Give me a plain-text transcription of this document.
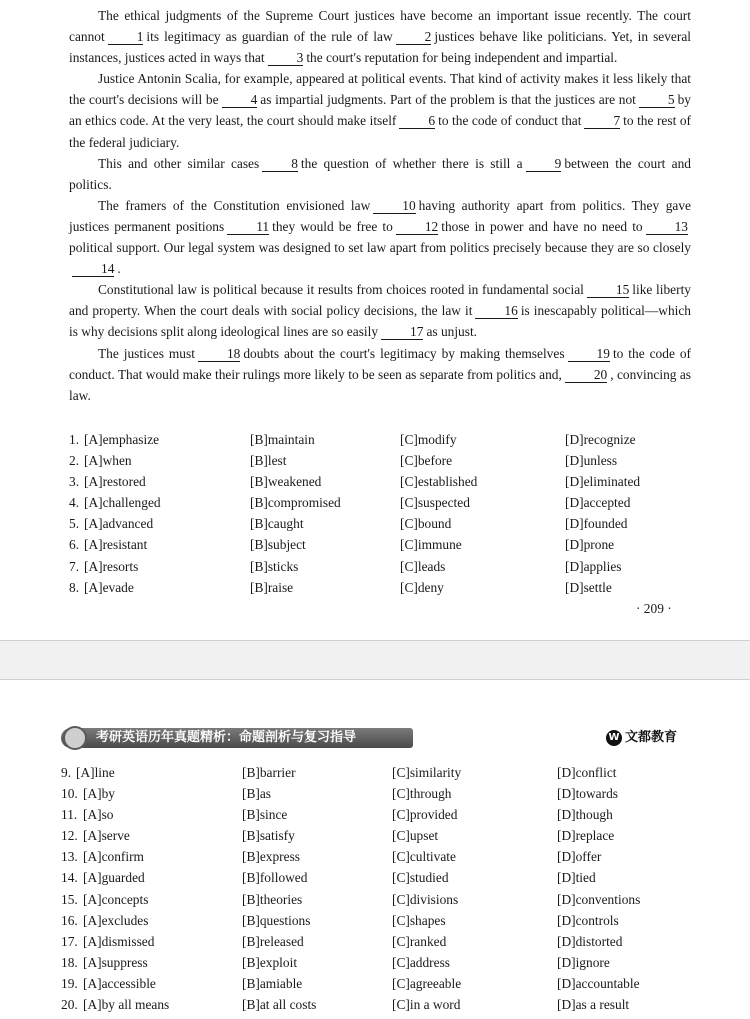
The ethical judgments of the Supreme Court justices have become an important issue recently. The court cannot 1 its legitimacy as guardian of the rule of law 2 justices behave like politicians. Yet, in several instances, justices acted in ways that 3 the court's reputation for being independent and impartial.

Justice Antonin Scalia, for example, appeared at political events. That kind of activity makes it less likely that the court's decisions will be 4 as impartial judgments. Part of the problem is that the justices are not 5 by an ethics code. At the very least, the court should make itself 6 to the code of conduct that 7 to the rest of the federal judiciary.

This and other similar cases 8 the question of whether there is still a 9 between the court and politics.

The framers of the Constitution envisioned law 10 having authority apart from politics. They gave justices permanent positions 11 they would be free to 12 those in power and have no need to 13political support. Our legal system was designed to set law apart from politics precisely because they are so closely14 .

Constitutional law is political because it results from choices rooted in fundamental social 15 like liberty and property. When the court deals with social policy decisions, the law it 16 is inescapably political—which is why decisions split along ideological lines are so easily 17 as unjust.

The justices must 18 doubts about the court's legitimacy by making themselves 19 to the code of conduct. That would make their rulings more likely to be seen as separate from politics and, 20 , convincing as law.

1. [A]emphasize	[B]maintain	[C]modify	[D]recognize
2. [A]when	[B]lest	[C]before	[D]unless
3. [A]restored	[B]weakened	[C]established	[D]eliminated
4. [A]challenged	[B]compromised	[C]suspected	[D]accepted
5. [A]advanced	[B]caught	[C]bound	[D]founded
6. [A]resistant	[B]subject	[C]immune	[D]prone
7. [A]resorts	[B]sticks	[C]leads	[D]applies
8. [A]evade	[B]raise	[C]deny	[D]settle
· 209 ·
考研英语历年真题精析：命题剖析与复习指导	W 文都教育
9. [A]line	[B]barrier	[C]similarity	[D]conflict
10. [A]by	[B]as	[C]through	[D]towards
11. [A]so	[B]since	[C]provided	[D]though
12. [A]serve	[B]satisfy	[C]upset	[D]replace
13. [A]confirm	[B]express	[C]cultivate	[D]offer
14. [A]guarded	[B]followed	[C]studied	[D]tied
15. [A]concepts	[B]theories	[C]divisions	[D]conventions
16. [A]excludes	[B]questions	[C]shapes	[D]controls
17. [A]dismissed	[B]released	[C]ranked	[D]distorted
18. [A]suppress	[B]exploit	[C]address	[D]ignore
19. [A]accessible	[B]amiable	[C]agreeable	[D]accountable
20. [A]by all means	[B]at all costs	[C]in a word	[D]as a result
